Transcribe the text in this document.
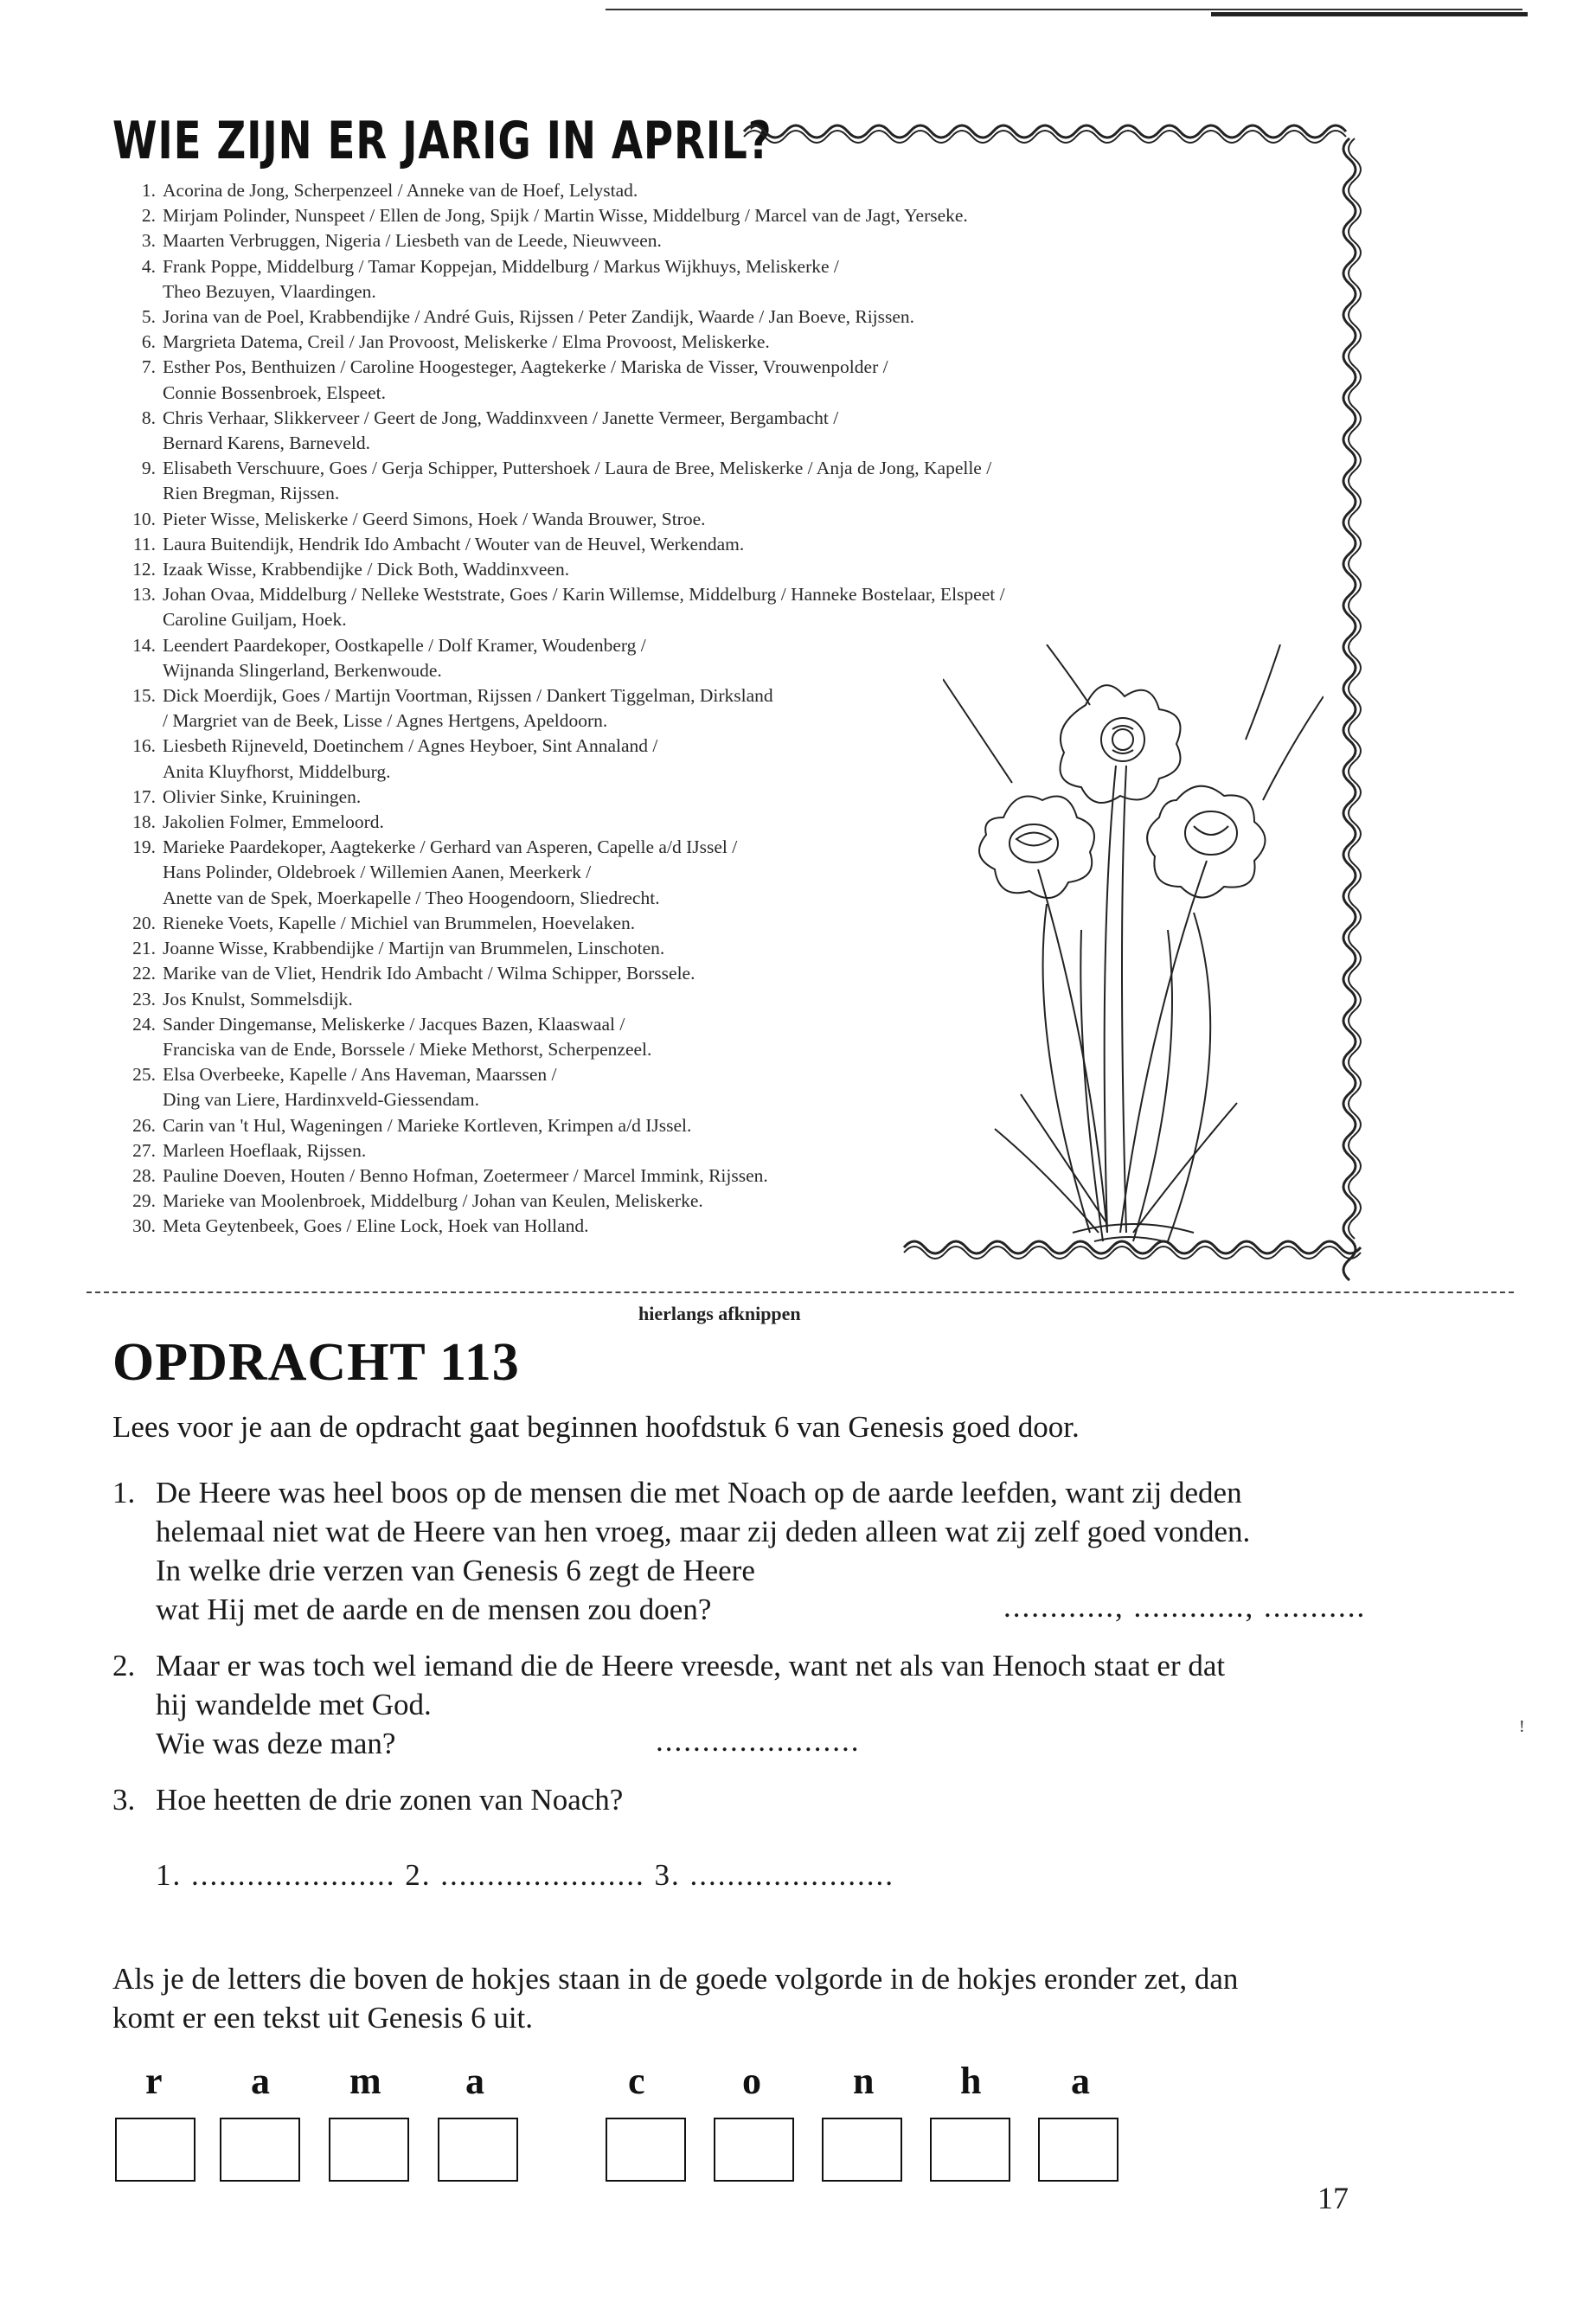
WIE ZIJN ER JARIG IN APRIL?
1. Acorina de Jong, Scherpenzeel / Anneke van de Hoef, Lelystad.
2. Mirjam Polinder, Nunspeet / Ellen de Jong, Spijk / Martin Wisse, Middelburg / Marcel van de Jagt, Yerseke.
3. Maarten Verbruggen, Nigeria / Liesbeth van de Leede, Nieuwveen.
4. Frank Poppe, Middelburg / Tamar Koppejan, Middelburg / Markus Wijkhuys, Meliskerke /
Theo Bezuyen, Vlaardingen.
5. Jorina van de Poel, Krabbendijke / André Guis, Rijssen / Peter Zandijk, Waarde / Jan Boeve, Rijssen.
6. Margrieta Datema, Creil / Jan Provoost, Meliskerke / Elma Provoost, Meliskerke.
7. Esther Pos, Benthuizen / Caroline Hoogesteger, Aagtekerke / Mariska de Visser, Vrouwenpolder /
Connie Bossenbroek, Elspeet.
8. Chris Verhaar, Slikkerveer / Geert de Jong, Waddinxveen / Janette Vermeer, Bergambacht /
Bernard Karens, Barneveld.
9. Elisabeth Verschuure, Goes / Gerja Schipper, Puttershoek / Laura de Bree, Meliskerke / Anja de Jong, Kapelle /
Rien Bregman, Rijssen.
10. Pieter Wisse, Meliskerke / Geerd Simons, Hoek / Wanda Brouwer, Stroe.
11. Laura Buitendijk, Hendrik Ido Ambacht / Wouter van de Heuvel, Werkendam.
12. Izaak Wisse, Krabbendijke / Dick Both, Waddinxveen.
13. Johan Ovaa, Middelburg / Nelleke Weststrate, Goes / Karin Willemse, Middelburg / Hanneke Bostelaar, Elspeet /
Caroline Guiljam, Hoek.
14. Leendert Paardekoper, Oostkapelle / Dolf Kramer, Woudenberg /
Wijnanda Slingerland, Berkenwoude.
15. Dick Moerdijk, Goes / Martijn Voortman, Rijssen / Dankert Tiggelman, Dirksland
/ Margriet van de Beek, Lisse / Agnes Hertgens, Apeldoorn.
16. Liesbeth Rijneveld, Doetinchem / Agnes Heyboer, Sint Annaland /
Anita Kluyfhorst, Middelburg.
17. Olivier Sinke, Kruiningen.
18. Jakolien Folmer, Emmeloord.
19. Marieke Paardekoper, Aagtekerke / Gerhard van Asperen, Capelle a/d IJssel /
Hans Polinder, Oldebroek / Willemien Aanen, Meerkerk /
Anette van de Spek, Moerkapelle / Theo Hoogendoorn, Sliedrecht.
20. Rieneke Voets, Kapelle / Michiel van Brummelen, Hoevelaken.
21. Joanne Wisse, Krabbendijke / Martijn van Brummelen, Linschoten.
22. Marike van de Vliet, Hendrik Ido Ambacht / Wilma Schipper, Borssele.
23. Jos Knulst, Sommelsdijk.
24. Sander Dingemanse, Meliskerke / Jacques Bazen, Klaaswaal /
Franciska van de Ende, Borssele / Mieke Methorst, Scherpenzeel.
25. Elsa Overbeeke, Kapelle / Ans Haveman, Maarssen /
Ding van Liere, Hardinxveld-Giessendam.
26. Carin van 't Hul, Wageningen / Marieke Kortleven, Krimpen a/d IJssel.
27. Marleen Hoeflaak, Rijssen.
28. Pauline Doeven, Houten / Benno Hofman, Zoetermeer / Marcel Immink, Rijssen.
29. Marieke van Moolenbroek, Middelburg / Johan van Keulen, Meliskerke.
30. Meta Geytenbeek, Goes / Eline Lock, Hoek van Holland.
hierlangs afknippen
OPDRACHT 113

Lees voor je aan de opdracht gaat beginnen hoofdstuk 6 van Genesis goed door.

1. De Heere was heel boos op de mensen die met Noach op de aarde leefden, want zij deden
helemaal niet wat de Heere van hen vroeg, maar zij deden alleen wat zij zelf goed vonden.
In welke drie verzen van Genesis 6 zegt de Heere
wat Hij met de aarde en de mensen zou doen?	............, ............, ...........
2. Maar er was toch wel iemand die de Heere vreesde, want net als van Henoch staat er dat
hij wandelde met God.
Wie was deze man?	......................
3. Hoe heetten de drie zonen van Noach?
1. ...................... 2. ...................... 3. ......................

Als je de letters die boven de hokjes staan in de goede volgorde in de hokjes eronder zet, dan
komt er een tekst uit Genesis 6 uit.

r a m a	c	o n h a
!
17
